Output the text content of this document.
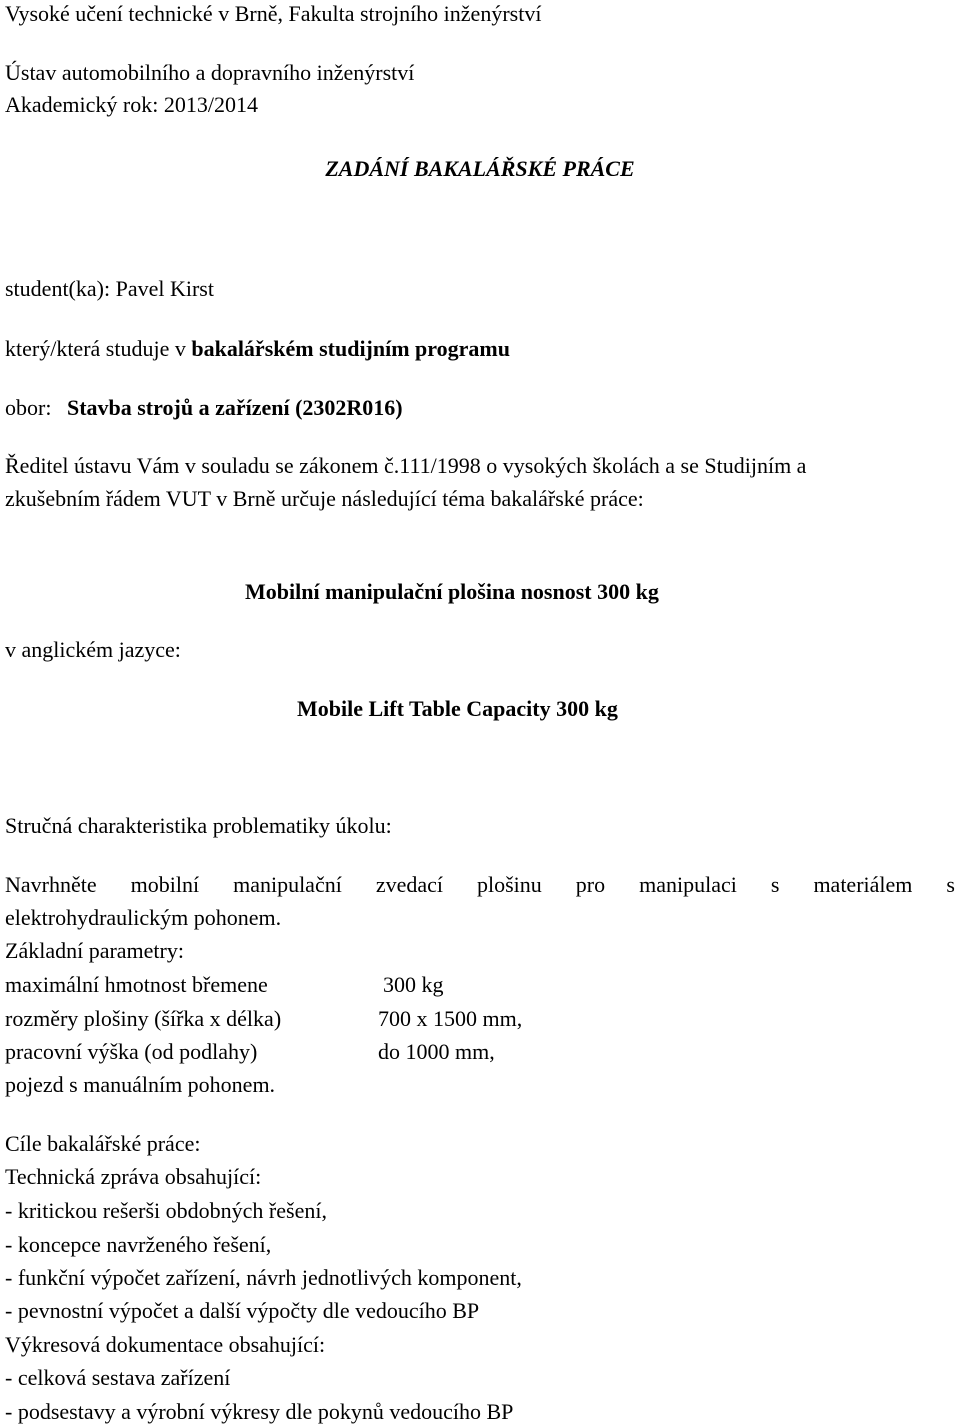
Vysoké učení technické v Brně, Fakulta strojního inženýrství
Ústav automobilního a dopravního inženýrství
Akademický rok: 2013/2014
ZADÁNÍ BAKALÁŘSKÉ PRÁCE
student(ka): Pavel Kirst
který/která studuje v bakalářském studijním programu
obor: Stavba strojů a zařízení (2302R016)
Ředitel ústavu Vám v souladu se zákonem č.111/1998 o vysokých školách a se Studijním a
zkušebním řádem VUT v Brně určuje následující téma bakalářské práce:
Mobilní manipulační plošina nosnost 300 kg
v anglickém jazyce:
Mobile Lift Table Capacity 300 kg
Stručná charakteristika problematiky úkolu:
Navrhněte mobilní manipulační zvedací plošinu pro manipulaci s materiálem s
elektrohydraulickým pohonem.
Základní parametry:
maximální hmotnost břemene	300 kg
rozměry plošiny (šířka x délka)	700 x 1500 mm,
pracovní výška (od podlahy)	do 1000 mm,
pojezd s manuálním pohonem.
Cíle bakalářské práce:
Technická zpráva obsahující:
- kritickou rešerši obdobných řešení,
- koncepce navrženého řešení,
- funkční výpočet zařízení, návrh jednotlivých komponent,
- pevnostní výpočet a další výpočty dle vedoucího BP
Výkresová dokumentace obsahující:
- celková sestava zařízení
- podsestavy a výrobní výkresy dle pokynů vedoucího BP
